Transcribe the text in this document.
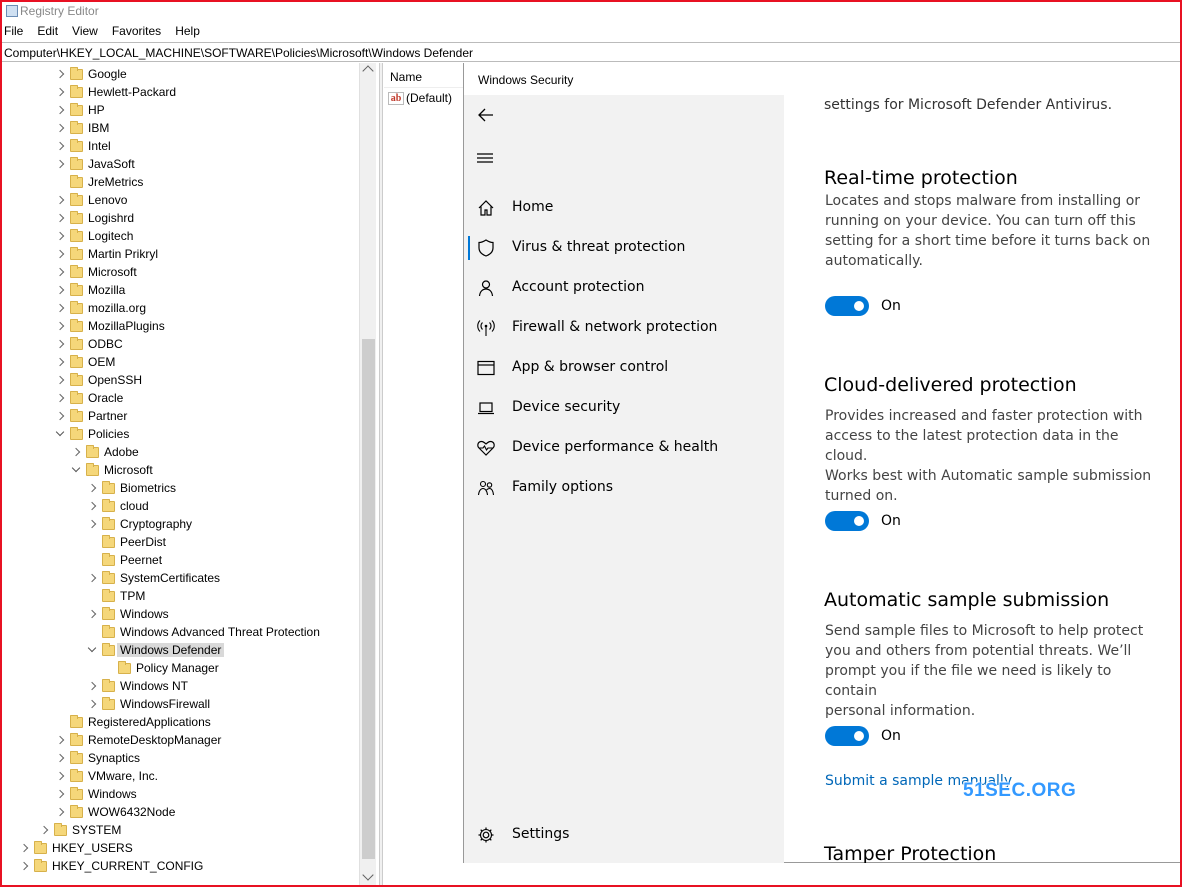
Registry Editor
File	Edit	View	Favorites	Help
Computer\HKEY_LOCAL_MACHINE\SOFTWARE\Policies\Microsoft\Windows Defender
Google
Hewlett-Packard
HP
IBM
Intel
JavaSoft
JreMetrics
Lenovo
Logishrd
Logitech
Martin Prikryl
Microsoft
Mozilla
mozilla.org
MozillaPlugins
ODBC
OEM
OpenSSH
Oracle
Partner
Policies
Adobe
Microsoft
Biometrics
cloud
Cryptography
PeerDist
Peernet
SystemCertificates
TPM
Windows
Windows Advanced Threat Protection
Windows Defender
Policy Manager
Windows NT
WindowsFirewall
RegisteredApplications
RemoteDesktopManager
Synaptics
VMware, Inc.
Windows
WOW6432Node
SYSTEM
HKEY_USERS
HKEY_CURRENT_CONFIG
Name
ab (Default)
Windows Security
Home
Virus & threat protection
Account protection
Firewall & network protection
App & browser control
Device security
Device performance & health
Family options
Settings
settings for Microsoft Defender Antivirus.
Real-time protection
Locates and stops malware from installing or
running on your device. You can turn off this
setting for a short time before it turns back on
automatically.
On
Cloud-delivered protection
Provides increased and faster protection with
access to the latest protection data in the cloud.
Works best with Automatic sample submission
turned on.
On
Automatic sample submission
Send sample files to Microsoft to help protect
you and others from potential threats. We’ll
prompt you if the file we need is likely to contain
personal information.
On
Submit a sample manually
Tamper Protection
51SEC.ORG
